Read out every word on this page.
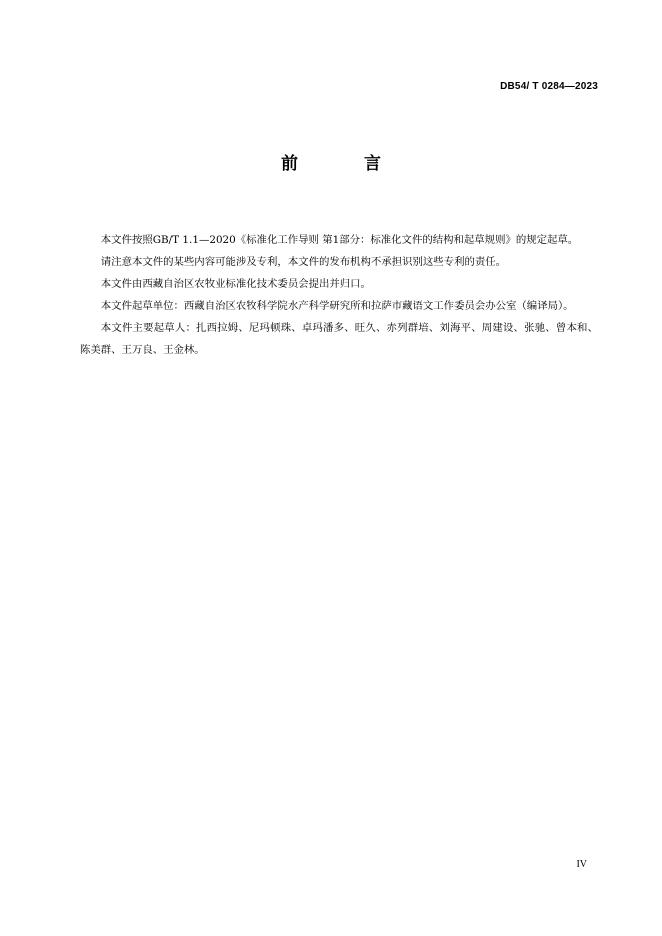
DB54/ T 0284—2023
前 言

本文件按照GB/T 1.1—2020《标准化工作导则 第1部分：标准化文件的结构和起草规则》的规定起草。

请注意本文件的某些内容可能涉及专利，本文件的发布机构不承担识别这些专利的责任。

本文件由西藏自治区农牧业标准化技术委员会提出并归口。

本文件起草单位：西藏自治区农牧科学院水产科学研究所和拉萨市藏语文工作委员会办公室（编译局）。

本文件主要起草人：扎西拉姆、尼玛顿珠、卓玛潘多、旺久、赤列群培、刘海平、周建设、张驰、曾本和、陈美群、王万良、王金林。

IV
